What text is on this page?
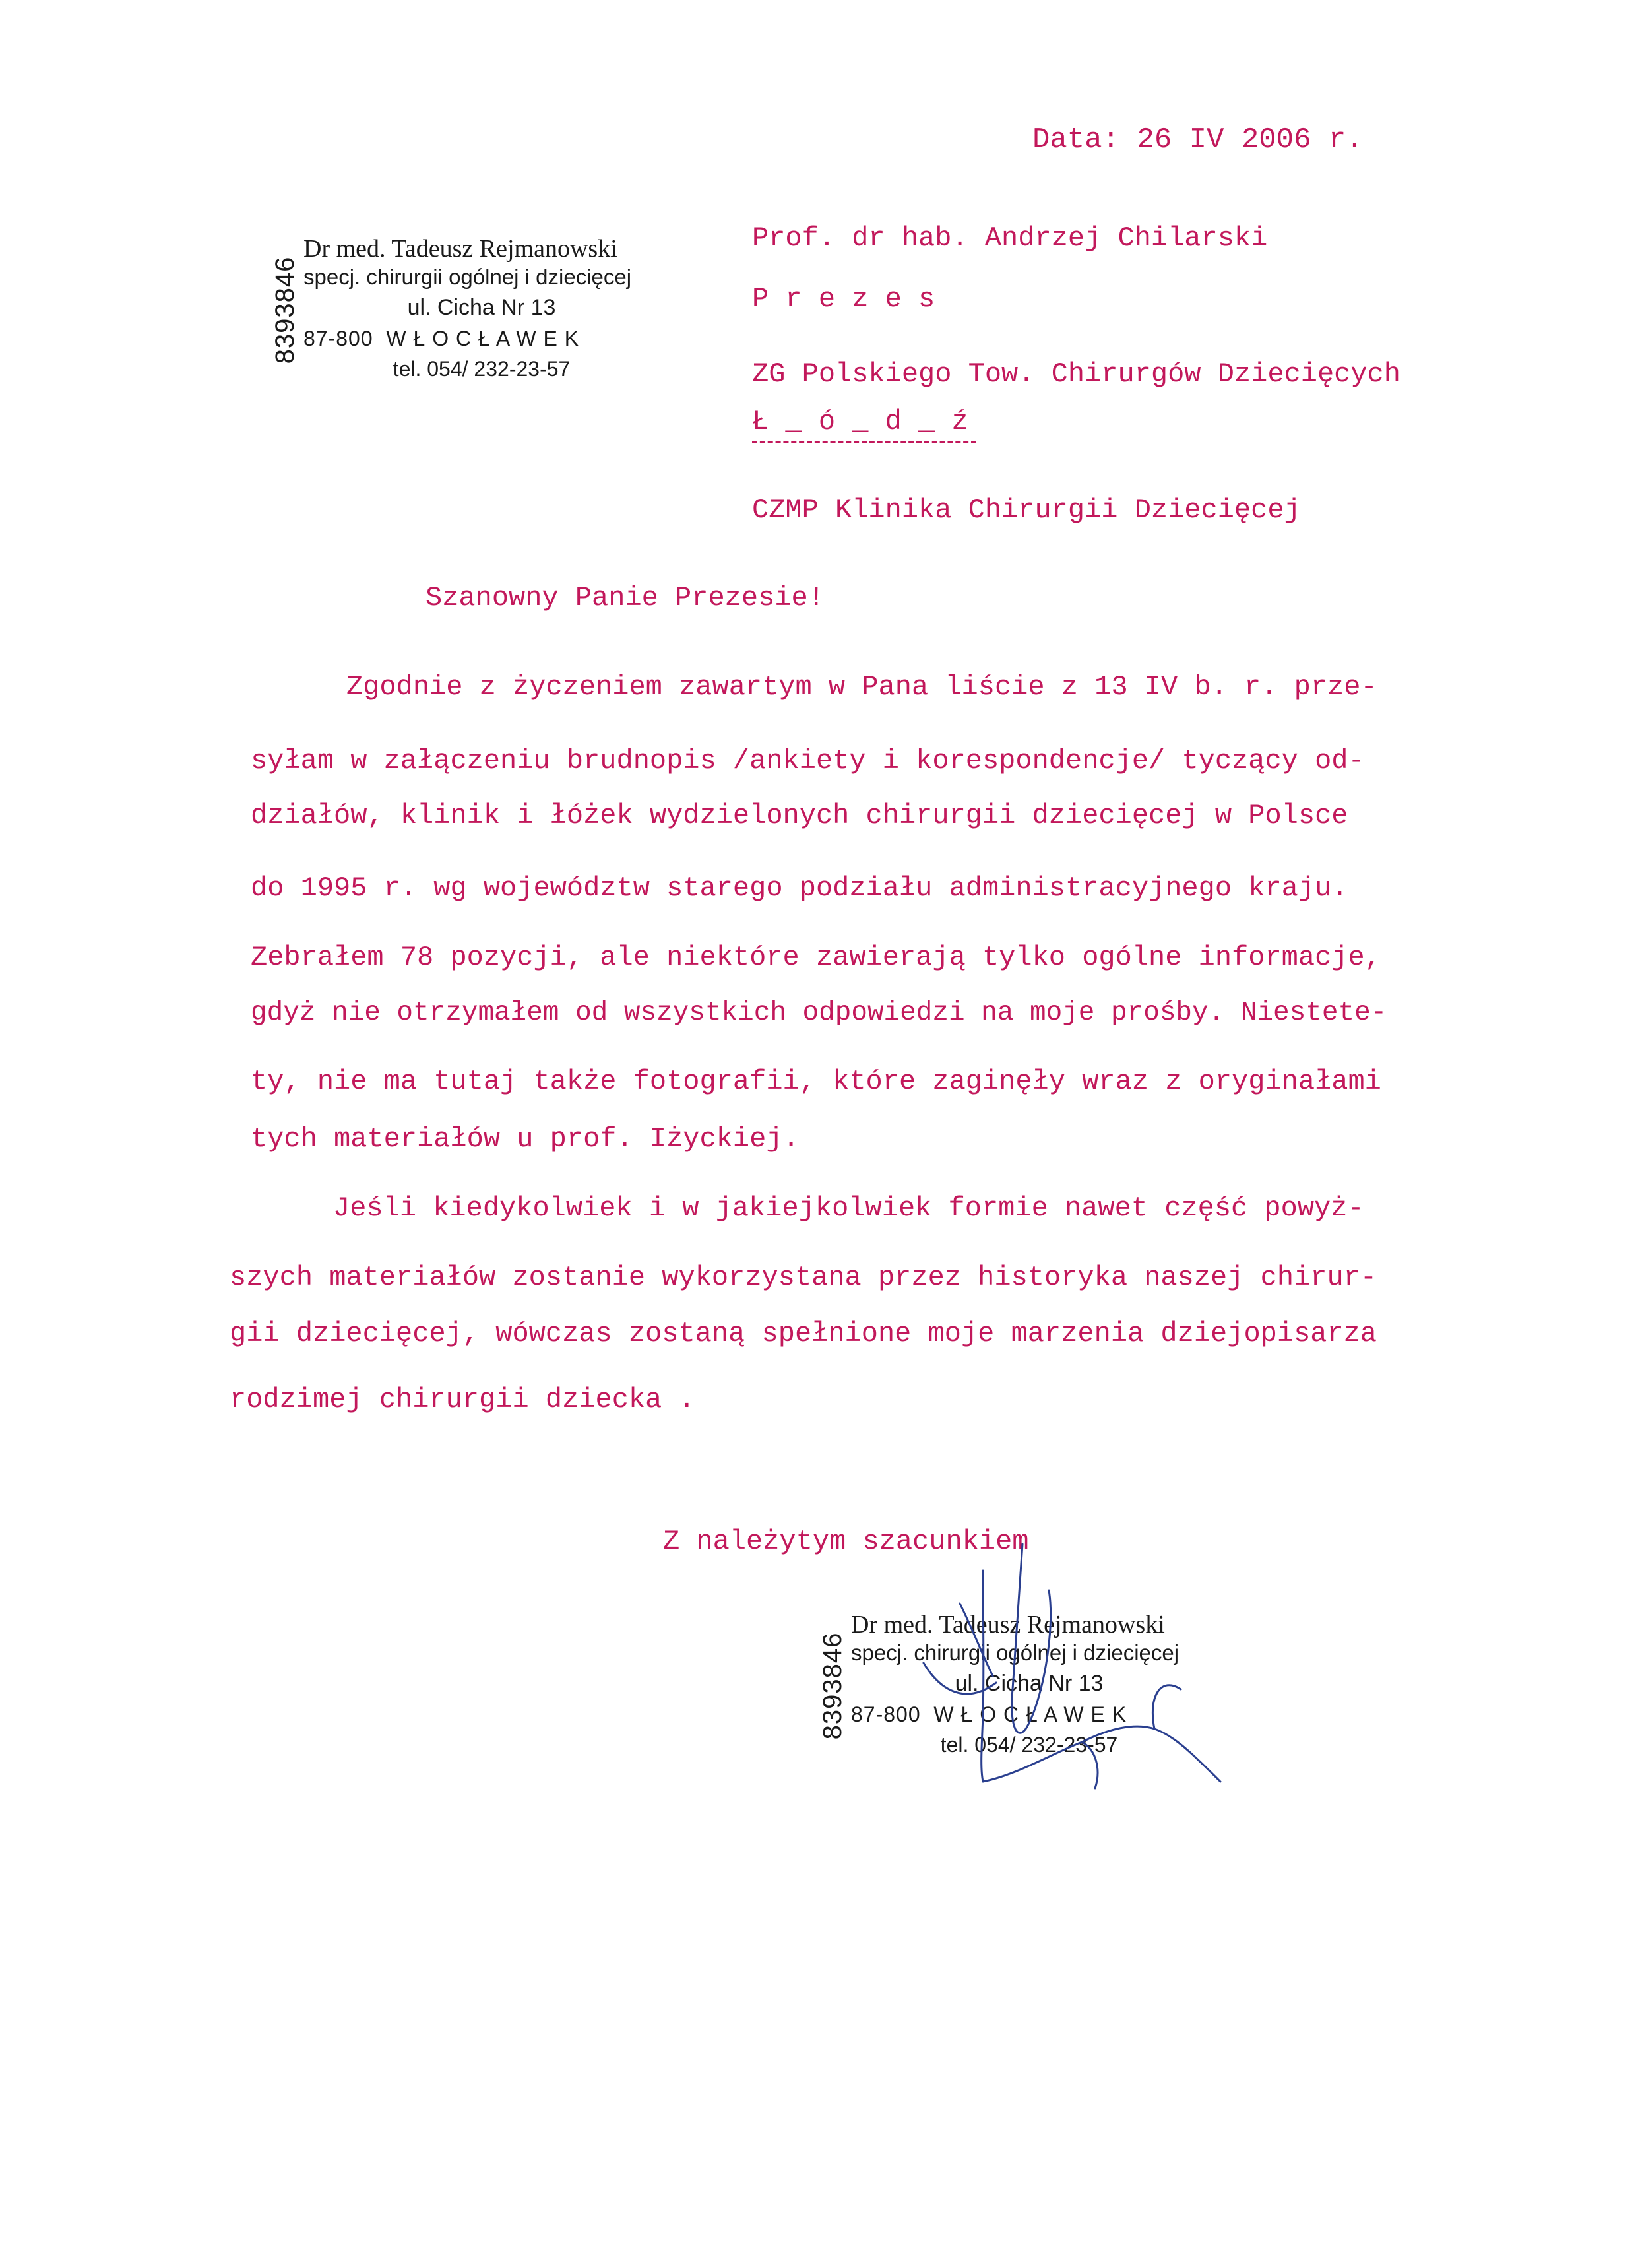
Data: 26 IV 2006 r.
8393846
Dr med. Tadeusz Rejmanowski
specj. chirurgii ogólnej i dziecięcej
ul. Cicha Nr 13
87-800  W Ł O C Ł A W E K
tel. 054/ 232-23-57
Prof. dr hab. Andrzej Chilarski
P r e z e s
ZG Polskiego Tow. Chirurgów Dziecięcych
Ł _ ó _ d _ ź
CZMP Klinika Chirurgii Dziecięcej
Szanowny Panie Prezesie!
Zgodnie z życzeniem zawartym w Pana liście z 13 IV b. r. prze-
syłam w załączeniu brudnopis /ankiety i korespondencje/ tyczący od-
działów, klinik i łóżek wydzielonych chirurgii dziecięcej w Polsce
do 1995 r. wg województw starego podziału administracyjnego kraju.
Zebrałem 78 pozycji, ale niektóre zawierają tylko ogólne informacje,
gdyż nie otrzymałem od wszystkich odpowiedzi na moje prośby. Niestete-
ty, nie ma tutaj także fotografii, które zaginęły wraz z oryginałami
tych materiałów u prof. Iżyckiej.
Jeśli kiedykolwiek i w jakiejkolwiek formie nawet część powyż-
szych materiałów zostanie wykorzystana przez historyka naszej chirur-
gii dziecięcej, wówczas zostaną spełnione moje marzenia dziejopisarza
rodzimej chirurgii dziecka .
Z należytym szacunkiem
8393846
Dr med. Tadeusz Rejmanowski
specj. chirurgii ogólnej i dziecięcej
ul. Cicha Nr 13
87-800  W Ł O C Ł A W E K
tel. 054/ 232-23-57
